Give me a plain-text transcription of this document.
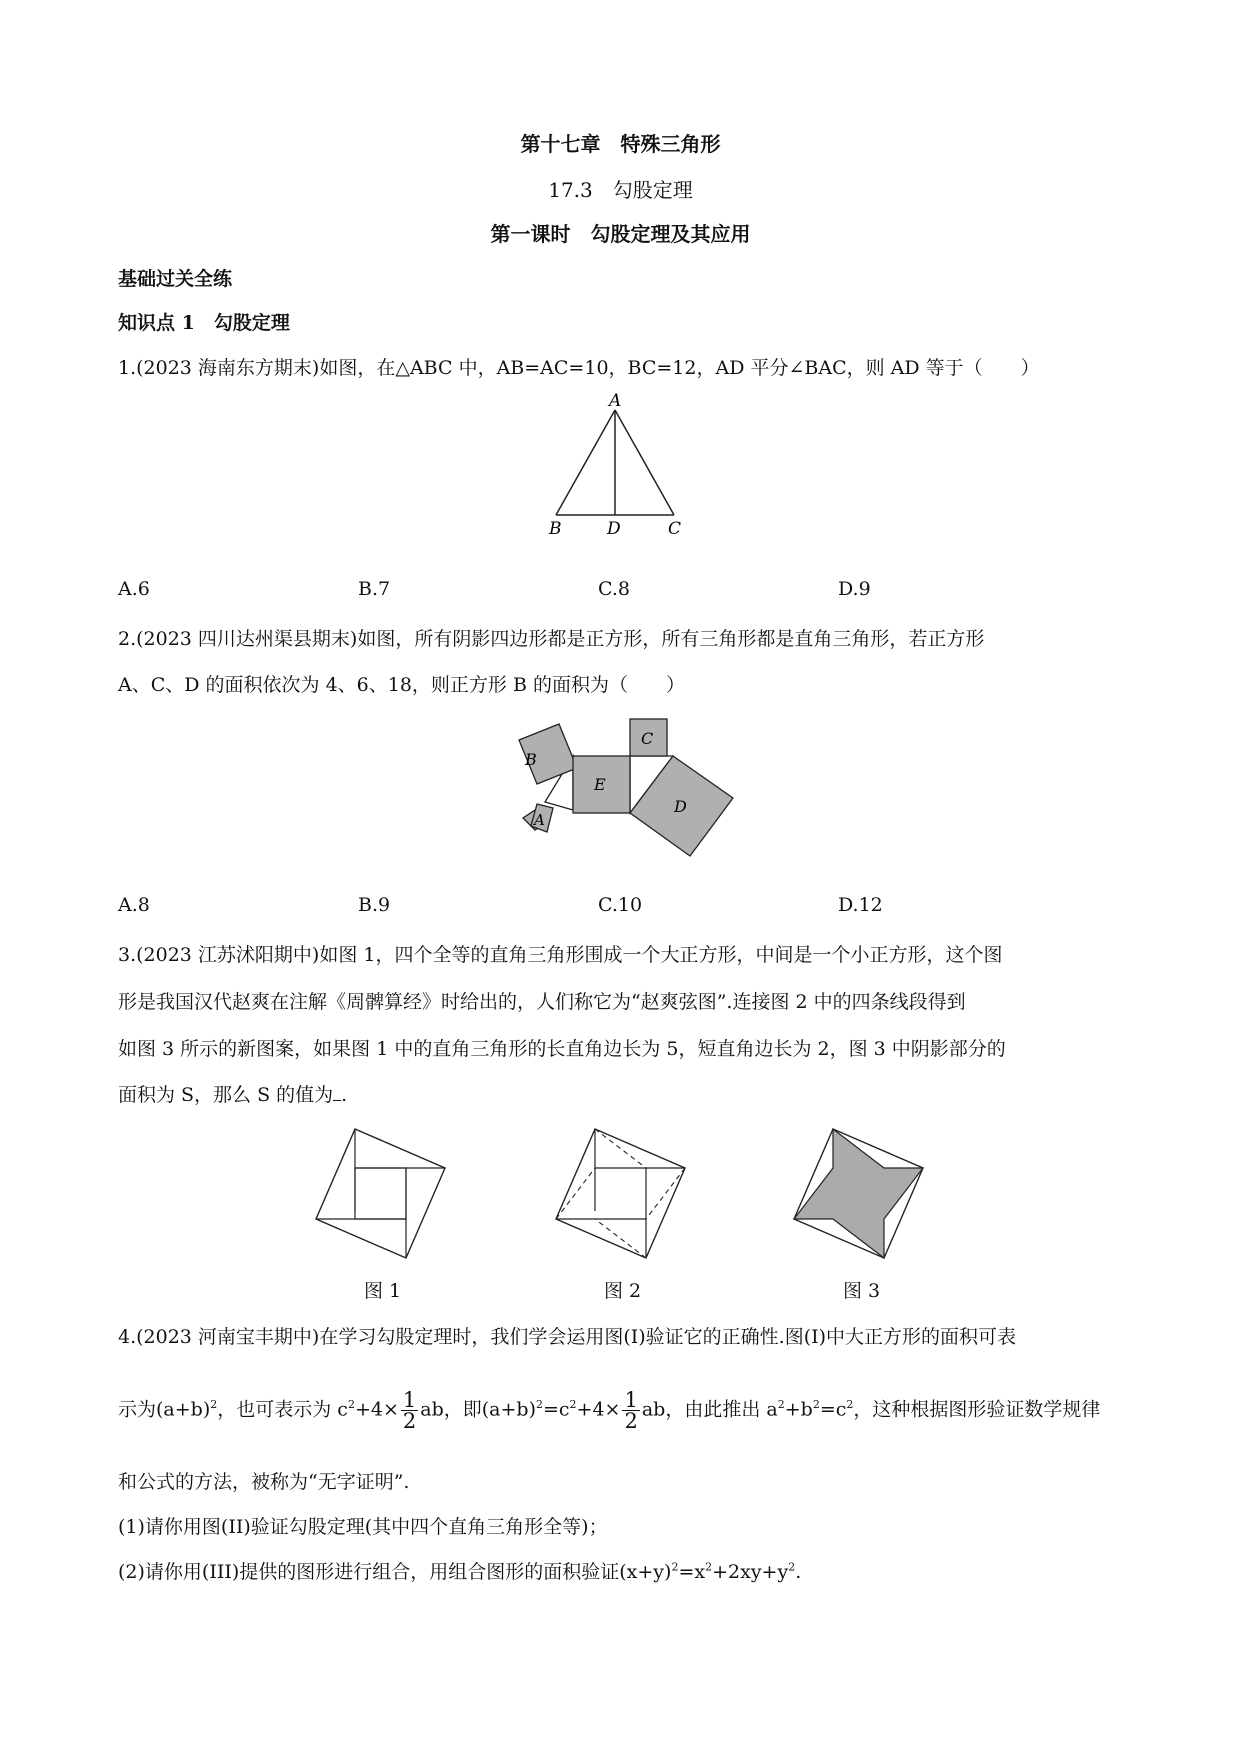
第十七章　特殊三角形
17.3　勾股定理
第一课时　勾股定理及其应用
基础过关全练
知识点 1　勾股定理
1.(2023 海南东方期末)如图，在△ABC 中，AB=AC=10，BC=12，AD 平分∠BAC，则 AD 等于（　　）
A
B	D	C
A.6	B.7	C.8	D.9
2.(2023 四川达州渠县期末)如图，所有阴影四边形都是正方形，所有三角形都是直角三角形，若正方形
A、C、D 的面积依次为 4、6、18，则正方形 B 的面积为（　　）
B
A
E
C
D
A.8	B.9	C.10	D.12
3.(2023 江苏沭阳期中)如图 1，四个全等的直角三角形围成一个大正方形，中间是一个小正方形，这个图
形是我国汉代赵爽在注解《周髀算经》时给出的，人们称它为“赵爽弦图”.连接图 2 中的四条线段得到
如图 3 所示的新图案，如果图 1 中的直角三角形的长直角边长为 5，短直角边长为 2，图 3 中阴影部分的
面积为 S，那么 S 的值为 .
图 1	图 2	图 3
4.(2023 河南宝丰期中)在学习勾股定理时，我们学会运用图(I)验证它的正确性.图(I)中大正方形的面积可表
示为$(a+b)^2$，也可表示为 $c^2+4\times \frac{1}{2}$ ab，即$(a+b)^2=c^2+4\times \frac{1}{2}$ ab，由此推出 $a^2+b^2=c^2$，这种根据图形验证数学规律
和公式的方法，被称为“无字证明”.
(1)请你用图(II)验证勾股定理(其中四个直角三角形全等)；
(2)请你用(III)提供的图形进行组合，用组合图形的面积验证$(x+y)^2=x^2+2xy+y^2$.
